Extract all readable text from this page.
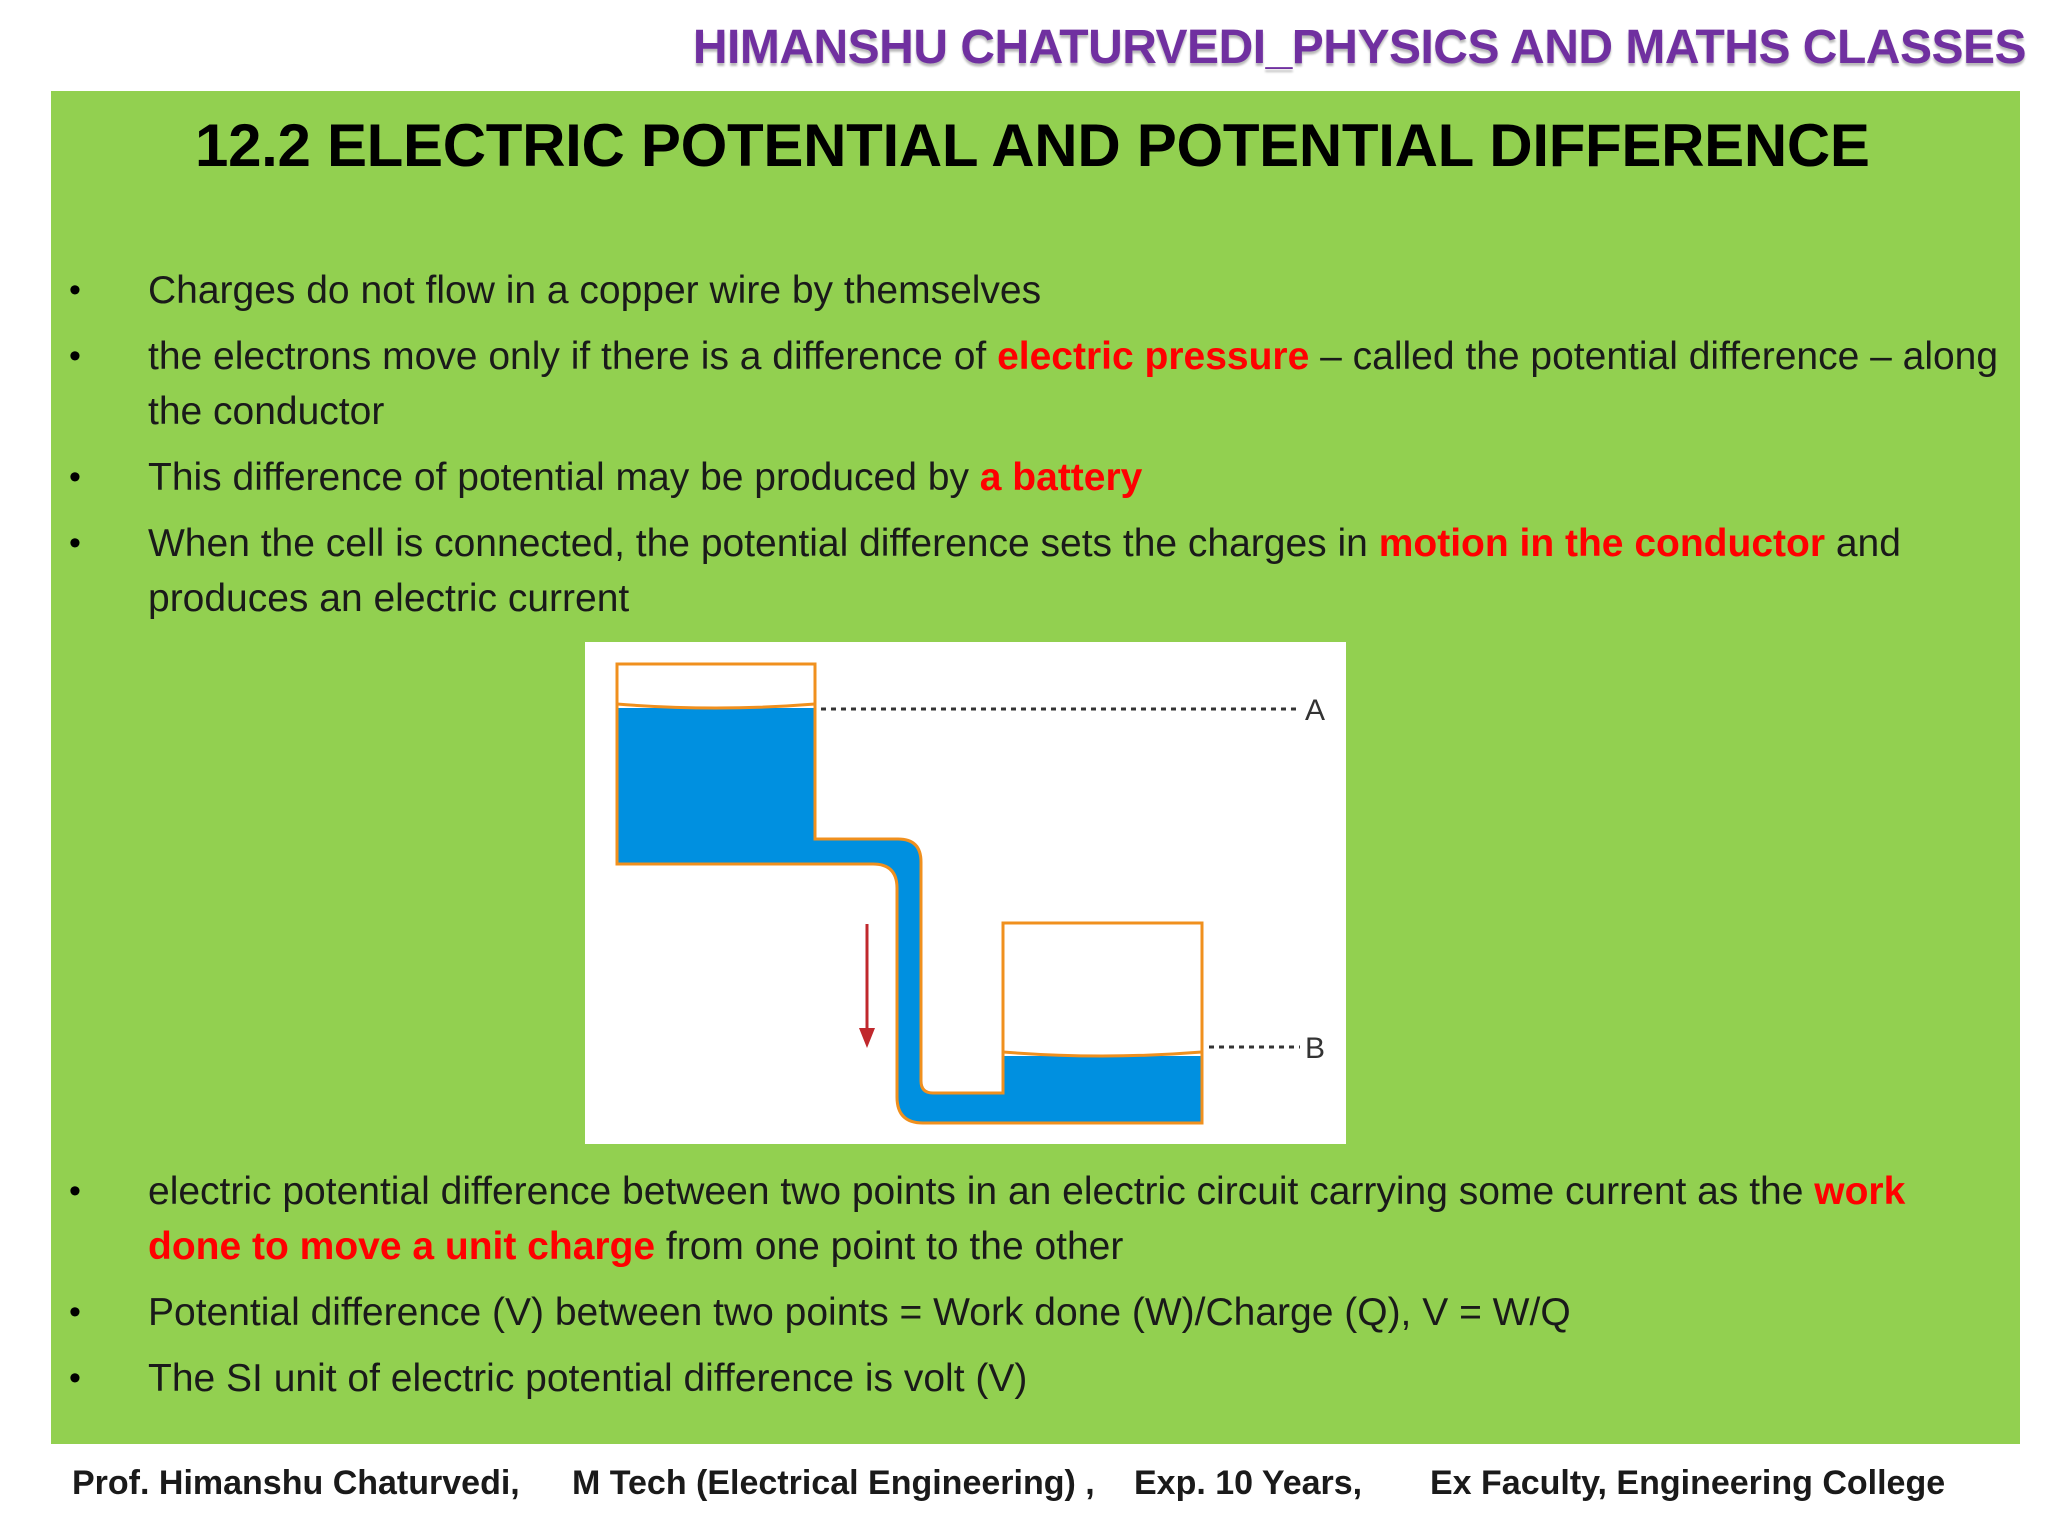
HIMANSHU CHATURVEDI_PHYSICS AND MATHS CLASSES
12.2 ELECTRIC POTENTIAL AND POTENTIAL DIFFERENCE
• Charges do not flow in a copper wire by themselves
• the electrons move only if there is a difference of electric pressure – called the potential difference – along the conductor
• This difference of potential may be produced by a battery
• When the cell is connected, the potential difference sets the charges in motion in the conductor and produces an electric current
A
B
• electric potential difference between two points in an electric circuit carrying some current as the work done to move a unit charge from one point to the other
• Potential difference (V) between two points = Work done (W)/Charge (Q), V = W/Q
• The SI unit of electric potential difference is volt (V)
Prof. Himanshu Chaturvedi, M Tech (Electrical Engineering) , Exp. 10 Years, Ex Faculty, Engineering College
